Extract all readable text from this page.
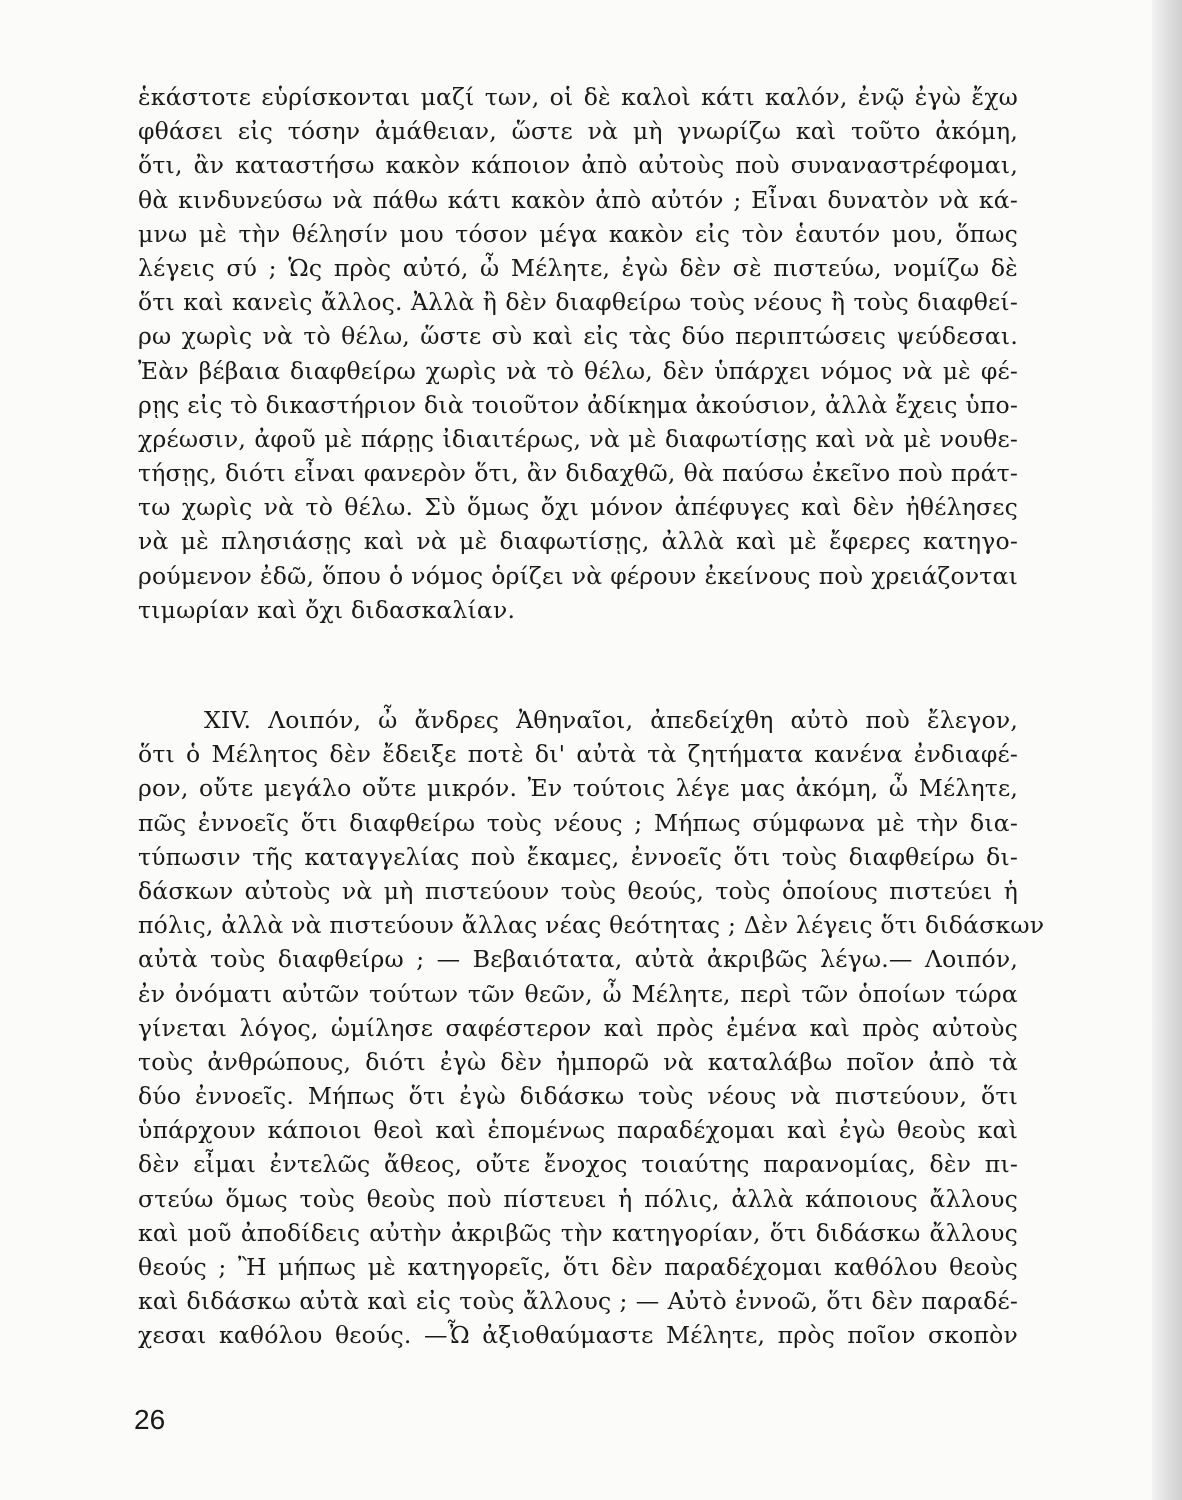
ἑκάστοτε εὑρίσκονται μαζί των, οἱ δὲ καλοὶ κάτι καλόν, ἐνῷ ἐγὼ ἔχω
φθάσει εἰς τόσην ἀμάθειαν, ὥστε νὰ μὴ γνωρίζω καὶ τοῦτο ἀκόμη,
ὅτι, ἂν καταστήσω κακὸν κάποιον ἀπὸ αὐτοὺς ποὺ συναναστρέφομαι,
θὰ κινδυνεύσω νὰ πάθω κάτι κακὸν ἀπὸ αὐτόν ; Εἶναι δυνατὸν νὰ κά-
μνω μὲ τὴν θέλησίν μου τόσον μέγα κακὸν εἰς τὸν ἑαυτόν μου, ὅπως
λέγεις σύ ; Ὡς πρὸς αὐτό, ὦ Μέλητε, ἐγὼ δὲν σὲ πιστεύω, νομίζω δὲ
ὅτι καὶ κανεὶς ἄλλος. Ἀλλὰ ἢ δὲν διαφθείρω τοὺς νέους ἢ τοὺς διαφθεί-
ρω χωρὶς νὰ τὸ θέλω, ὥστε σὺ καὶ εἰς τὰς δύο περιπτώσεις ψεύδεσαι.
Ἐὰν βέβαια διαφθείρω χωρὶς νὰ τὸ θέλω, δὲν ὑπάρχει νόμος νὰ μὲ φέ-
ρῃς εἰς τὸ δικαστήριον διὰ τοιοῦτον ἀδίκημα ἀκούσιον, ἀλλὰ ἔχεις ὑπο-
χρέωσιν, ἀφοῦ μὲ πάρῃς ἰδιαιτέρως, νὰ μὲ διαφωτίσῃς καὶ νὰ μὲ νουθε-
τήσῃς, διότι εἶναι φανερὸν ὅτι, ἂν διδαχθῶ, θὰ παύσω ἐκεῖνο ποὺ πράτ-
τω χωρὶς νὰ τὸ θέλω. Σὺ ὅμως ὄχι μόνον ἀπέφυγες καὶ δὲν ἠθέλησες
νὰ μὲ πλησιάσῃς καὶ νὰ μὲ διαφωτίσῃς, ἀλλὰ καὶ μὲ ἔφερες κατηγο-
ρούμενον ἐδῶ, ὅπου ὁ νόμος ὁρίζει νὰ φέρουν ἐκείνους ποὺ χρειάζονται
τιμωρίαν καὶ ὄχι διδασκαλίαν.
XIV. Λοιπόν, ὦ ἄνδρες Ἀθηναῖοι, ἀπεδείχθη αὐτὸ ποὺ ἔλεγον,
ὅτι ὁ Μέλητος δὲν ἔδειξε ποτὲ δι' αὐτὰ τὰ ζητήματα κανένα ἐνδιαφέ-
ρον, οὔτε μεγάλο οὔτε μικρόν. Ἐν τούτοις λέγε μας ἀκόμη, ὦ Μέλητε,
πῶς ἐννοεῖς ὅτι διαφθείρω τοὺς νέους ; Μήπως σύμφωνα μὲ τὴν δια-
τύπωσιν τῆς καταγγελίας ποὺ ἔκαμες, ἐννοεῖς ὅτι τοὺς διαφθείρω δι-
δάσκων αὐτοὺς νὰ μὴ πιστεύουν τοὺς θεούς, τοὺς ὁποίους πιστεύει ἡ
πόλις, ἀλλὰ νὰ πιστεύουν ἄλλας νέας θεότητας ; Δὲν λέγεις ὅτι διδάσκων
αὐτὰ τοὺς διαφθείρω ; — Βεβαιότατα, αὐτὰ ἀκριβῶς λέγω.— Λοιπόν,
ἐν ὀνόματι αὐτῶν τούτων τῶν θεῶν, ὦ Μέλητε, περὶ τῶν ὁποίων τώρα
γίνεται λόγος, ὡμίλησε σαφέστερον καὶ πρὸς ἐμένα καὶ πρὸς αὐτοὺς
τοὺς ἀνθρώπους, διότι ἐγὼ δὲν ἠμπορῶ νὰ καταλάβω ποῖον ἀπὸ τὰ
δύο ἐννοεῖς. Μήπως ὅτι ἐγὼ διδάσκω τοὺς νέους νὰ πιστεύουν, ὅτι
ὑπάρχουν κάποιοι θεοὶ καὶ ἑπομένως παραδέχομαι καὶ ἐγὼ θεοὺς καὶ
δὲν εἶμαι ἐντελῶς ἄθεος, οὔτε ἔνοχος τοιαύτης παρανομίας, δὲν πι-
στεύω ὅμως τοὺς θεοὺς ποὺ πίστευει ἡ πόλις, ἀλλὰ κάποιους ἄλλους
καὶ μοῦ ἀποδίδεις αὐτὴν ἀκριβῶς τὴν κατηγορίαν, ὅτι διδάσκω ἄλλους
θεούς ; Ἢ μήπως μὲ κατηγορεῖς, ὅτι δὲν παραδέχομαι καθόλου θεοὺς
καὶ διδάσκω αὐτὰ καὶ εἰς τοὺς ἄλλους ; — Αὐτὸ ἐννοῶ, ὅτι δὲν παραδέ-
χεσαι καθόλου θεούς. —Ὦ ἀξιοθαύμαστε Μέλητε, πρὸς ποῖον σκοπὸν
26
